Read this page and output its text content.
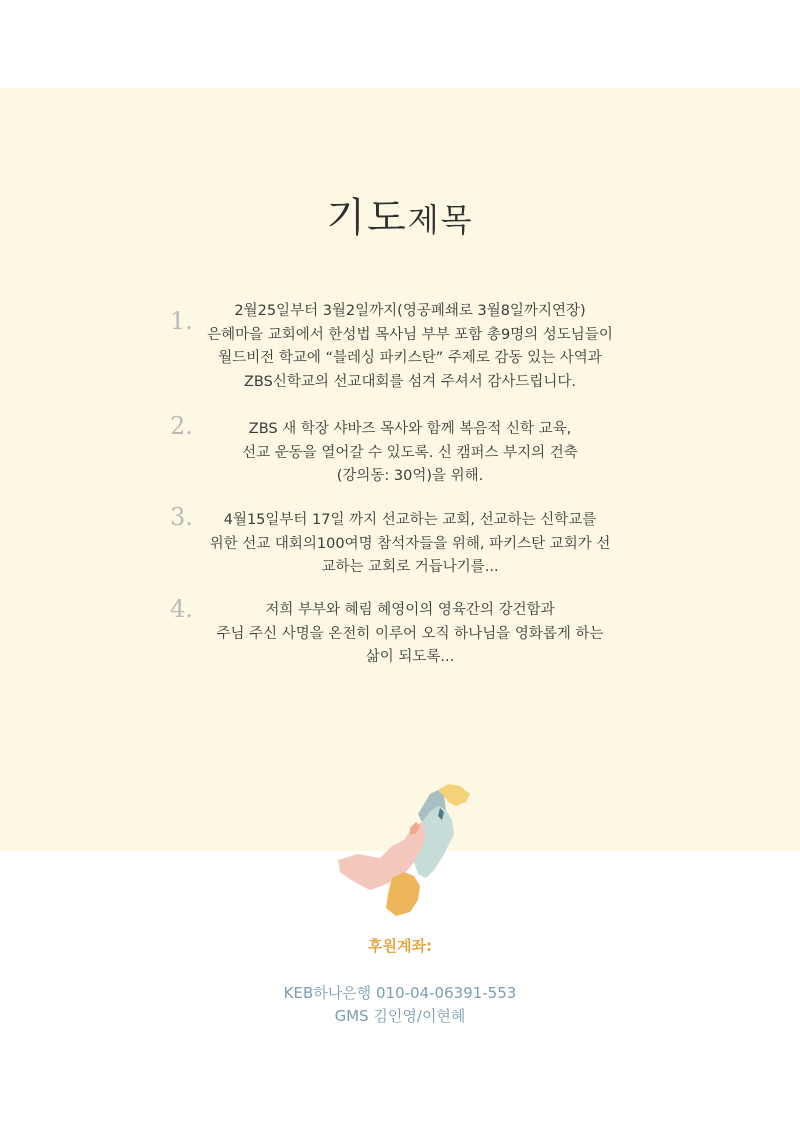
기도제목
1.	2월25일부터 3월2일까지(영공폐쇄로 3월8일까지연장)
은혜마을 교회에서 한성법 목사님 부부 포함 총9명의 성도님들이
월드비전 학교에 “블레싱 파키스탄” 주제로 감동 있는 사역과
ZBS신학교의 선교대회를 섬겨 주셔서 감사드립니다.
2.	ZBS 새 학장 샤바즈 목사와 함께 복음적 신학 교육,
선교 운동을 열어갈 수 있도록. 신 캠퍼스 부지의 건축
(강의동: 30억)을 위해.
3.	4월15일부터 17일 까지 선교하는 교회, 선교하는 신학교를
위한 선교 대회의100여명 참석자들을 위해, 파키스탄 교회가 선
교하는 교회로 거듭나기를...
4.	저희 부부와 혜림 혜영이의 영육간의 강건함과
주님 주신 사명을 온전히 이루어 오직 하나님을 영화롭게 하는
삶이 되도록...
후원계좌:
KEB하나은행 010-04-06391-553
GMS 김인영/이현혜
